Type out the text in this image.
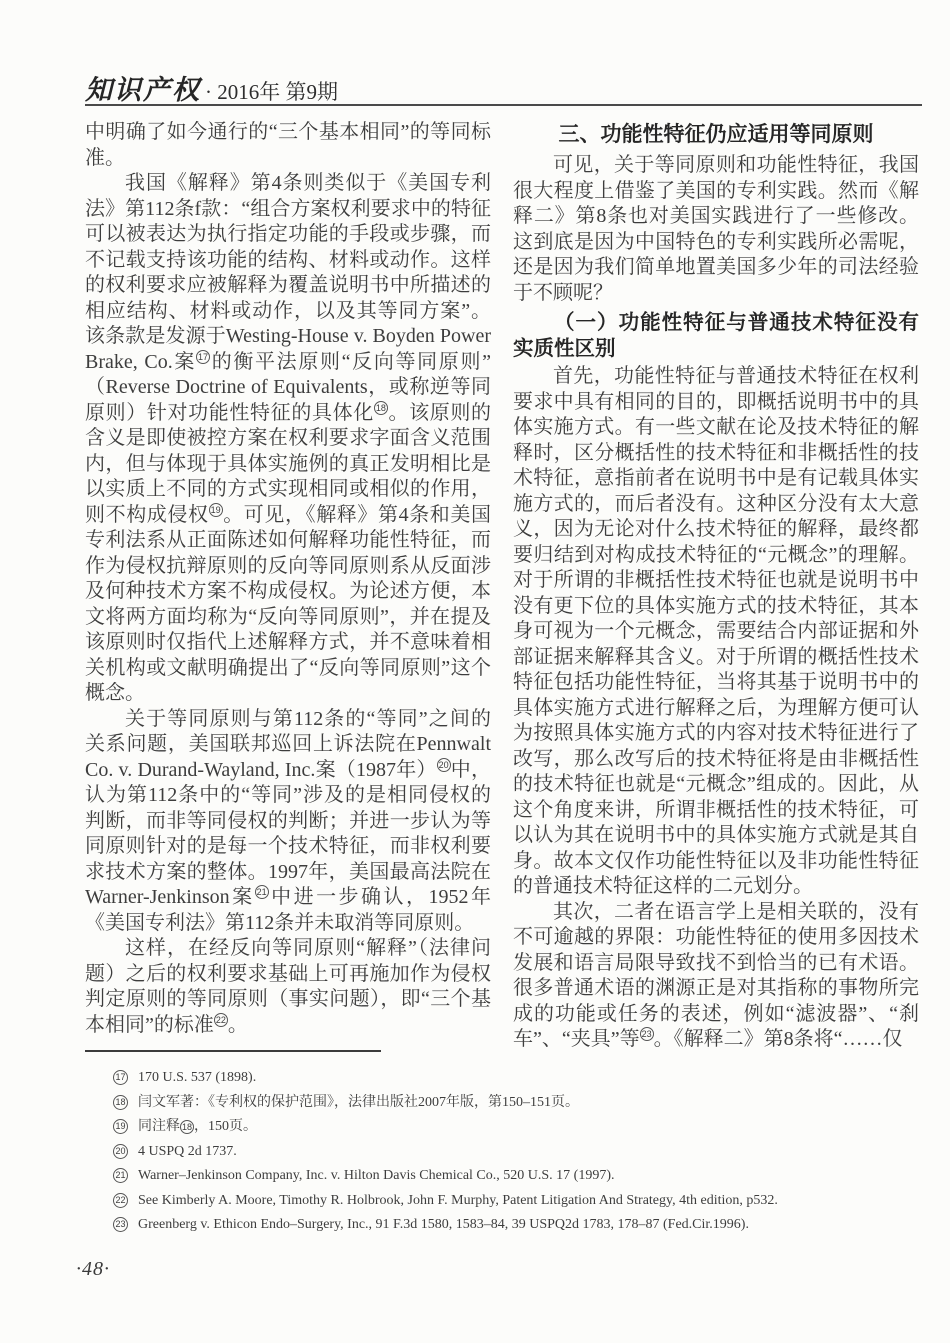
知识产权 · 2016年 第9期

中明确了如今通行的“三个基本相同”的等同标准。

我国《解释》第4条则类似于《美国专利法》第112条f款：“组合方案权利要求中的特征可以被表达为执行指定功能的手段或步骤，而不记载支持该功能的结构、材料或动作。这样的权利要求应被解释为覆盖说明书中所描述的相应结构、材料或动作，以及其等同方案”。该条款是发源于Westing-House v. Boyden Power Brake, Co.案 $^{17}$ 的衡平法原则“反向等同原则”（Reverse Doctrine of Equivalents，或称逆等同原则）针对功能性特征的具体化 $^{18}$ 。该原则的含义是即使被控方案在权利要求字面含义范围内，但与体现于具体实施例的真正发明相比是以实质上不同的方式实现相同或相似的作用，则不构成侵权 $^{19}$ 。可见，《解释》第4条和美国专利法系从正面陈述如何解释功能性特征，而作为侵权抗辩原则的反向等同原则系从反面涉及何种技术方案不构成侵权。为论述方便，本文将两方面均称为“反向等同原则”，并在提及该原则时仅指代上述解释方式，并不意味着相关机构或文献明确提出了“反向等同原则”这个概念。

关于等同原则与第112条的“等同”之间的关系问题，美国联邦巡回上诉法院在Pennwalt Co. v. Durand-Wayland, Inc.案（1987年） $^{20}$ 中，认为第112条中的“等同”涉及的是相同侵权的判断，而非等同侵权的判断；并进一步认为等同原则针对的是每一个技术特征，而非权利要求技术方案的整体。1997年，美国最高法院在Warner-Jenkinson案 $^{21}$ 中进一步确认，1952年《美国专利法》第112条并未取消等同原则。

这样，在经反向等同原则“解释”（法律问题）之后的权利要求基础上可再施加作为侵权判定原则的等同原则（事实问题），即“三个基本相同”的标准 $^{22}$ 。

三、功能性特征仍应适用等同原则

可见，关于等同原则和功能性特征，我国很大程度上借鉴了美国的专利实践。然而《解释二》第8条也对美国实践进行了一些修改。这到底是因为中国特色的专利实践所必需呢，还是因为我们简单地置美国多少年的司法经验于不顾呢？

（一）功能性特征与普通技术特征没有实质性区别

首先，功能性特征与普通技术特征在权利要求中具有相同的目的，即概括说明书中的具体实施方式。有一些文献在论及技术特征的解释时，区分概括性的技术特征和非概括性的技术特征，意指前者在说明书中是有记载具体实施方式的，而后者没有。这种区分没有太大意义，因为无论对什么技术特征的解释，最终都要归结到对构成技术特征的“元概念”的理解。对于所谓的非概括性技术特征也就是说明书中没有更下位的具体实施方式的技术特征，其本身可视为一个元概念，需要结合内部证据和外部证据来解释其含义。对于所谓的概括性技术特征包括功能性特征，当将其基于说明书中的具体实施方式进行解释之后，为理解方便可认为按照具体实施方式的内容对技术特征进行了改写，那么改写后的技术特征将是由非概括性的技术特征也就是“元概念”组成的。因此，从这个角度来讲，所谓非概括性的技术特征，可以认为其在说明书中的具体实施方式就是其自身。故本文仅作功能性特征以及非功能性特征的普通技术特征这样的二元划分。

其次，二者在语言学上是相关联的，没有不可逾越的界限：功能性特征的使用多因技术发展和语言局限导致找不到恰当的已有术语。很多普通术语的渊源正是对其指称的事物所完成的功能或任务的表述，例如“滤波器”、“刹车”、“夹具”等 $^{23}$ 。《解释二》第8条将“……仅

17 170 U.S. 537 (1898).
18 闫文军著：《专利权的保护范围》，法律出版社2007年版，第150–151页。
19 同注释 18 ，150页。
20 4 USPQ 2d 1737.
21 Warner–Jenkinson Company, Inc. v. Hilton Davis Chemical Co., 520 U.S. 17 (1997).
22 See Kimberly A. Moore, Timothy R. Holbrook, John F. Murphy, Patent Litigation And Strategy, 4th edition, p532.
23 Greenberg v. Ethicon Endo–Surgery, Inc., 91 F.3d 1580, 1583–84, 39 USPQ2d 1783, 178–87 (Fed.Cir.1996).
·48·
